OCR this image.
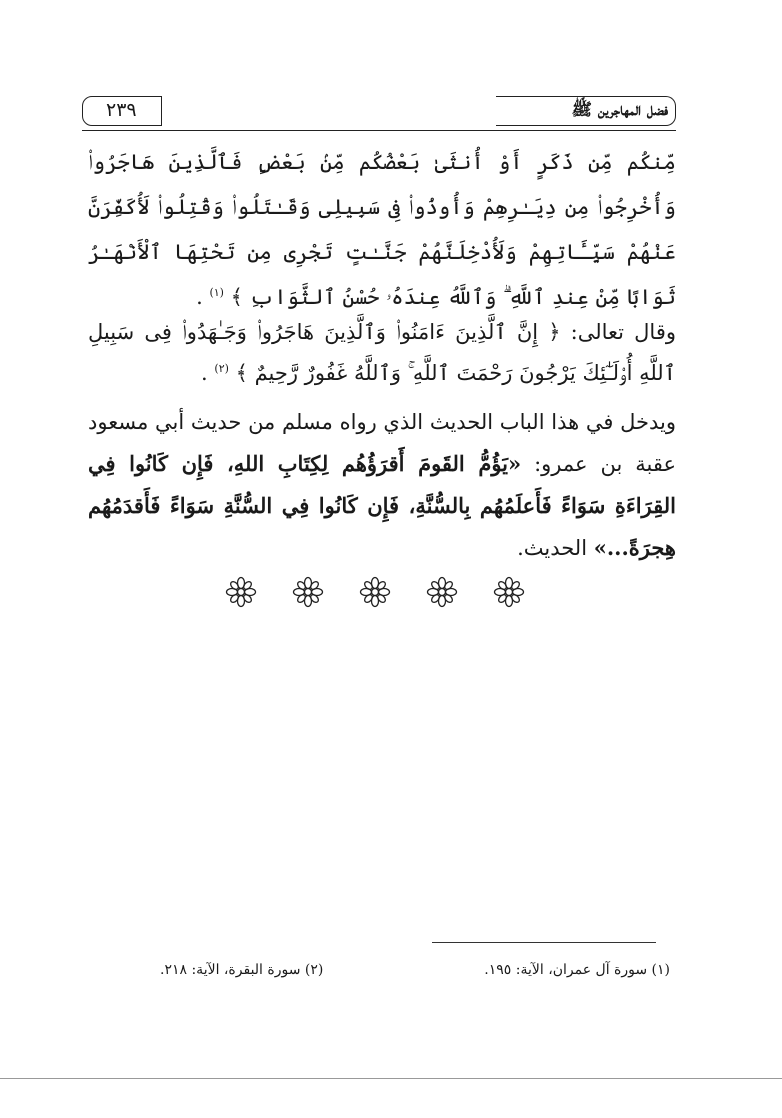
٢٣٩	فضل المهاجرين ﷺ
مِّنكُم مِّن ذَكَرٍ أَوْ أُنثَىٰ بَعْضُكُم مِّنۢ بَعْضٍ فَٱلَّذِينَ هَاجَرُوا۟ وَأُخْرِجُوا۟ مِن دِيَـٰرِهِمْ وَأُوذُوا۟ فِى سَبِيلِى وَقَـٰتَلُوا۟ وَقُتِلُوا۟ لَأُكَفِّرَنَّ عَنْهُمْ سَيِّـَٔاتِهِمْ وَلَأُدْخِلَنَّهُمْ جَنَّـٰتٍ تَجْرِى مِن تَحْتِهَا ٱلْأَنْهَـٰرُ ثَوَابًا مِّنْ عِندِ ٱللَّهِ ۗ وَٱللَّهُ عِندَهُۥ حُسْنُ ٱلثَّوَابِ ﴾ $^{(١)}$ .
وقال تعالى: ﴿ إِنَّ ٱلَّذِينَ ءَامَنُوا۟ وَٱلَّذِينَ هَاجَرُوا۟ وَجَـٰهَدُوا۟ فِى سَبِيلِ ٱللَّهِ أُو۟لَـٰٓئِكَ يَرْجُونَ رَحْمَتَ ٱللَّهِ ۚ وَٱللَّهُ غَفُورٌ رَّحِيمٌ ﴾ $^{(٢)}$ .
ويدخل في هذا الباب الحديث الذي رواه مسلم من حديث أبي مسعود عقبة بن عمرو: «يَؤُمُّ القَومَ أَقرَؤُهُم لِكِتَابِ اللهِ، فَإِن كَانُوا فِي القِرَاءَةِ سَوَاءً فَأَعلَمُهُم بِالسُّنَّةِ، فَإِن كَانُوا فِي السُّنَّةِ سَوَاءً فَأَقدَمُهُم هِجرَةً...» الحديث.
(١) سورة آل عمران، الآية: ١٩٥.
(٢) سورة البقرة، الآية: ٢١٨.
